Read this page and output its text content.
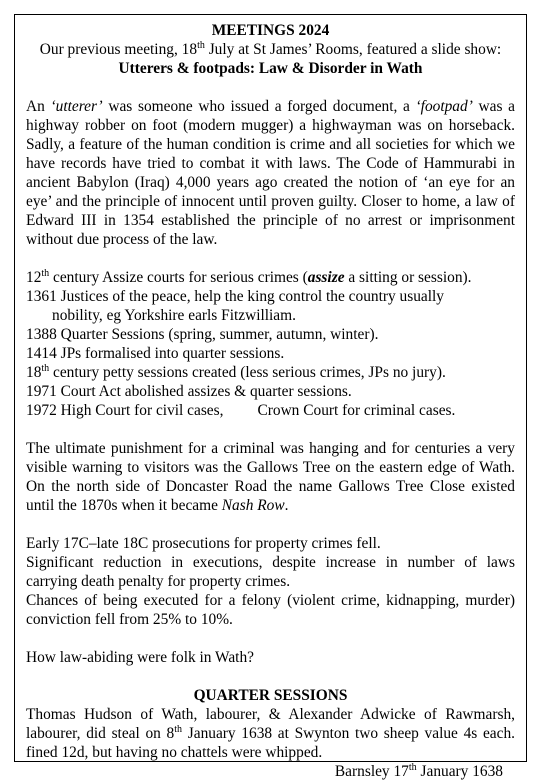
MEETINGS 2024

Our previous meeting, 18th July at St James’ Rooms, featured a slide show:

Utterers & footpads: Law & Disorder in Wath

An ‘utterer’ was someone who issued a forged document, a ‘footpad’ was a highway robber on foot (modern mugger) a highwayman was on horseback. Sadly, a feature of the human condition is crime and all societies for which we have records have tried to combat it with laws. The Code of Hammurabi in ancient Babylon (Iraq) 4,000 years ago created the notion of ‘an eye for an eye’ and the principle of innocent until proven guilty. Closer to home, a law of Edward III in 1354 established the principle of no arrest or imprisonment without due process of the law.

12th century Assize courts for serious crimes (assize a sitting or session).

1361 Justices of the peace, help the king control the country usually

nobility, eg Yorkshire earls Fitzwilliam.

1388 Quarter Sessions (spring, summer, autumn, winter).

1414 JPs formalised into quarter sessions.

18th century petty sessions created (less serious crimes, JPs no jury).

1971 Court Act abolished assizes & quarter sessions.

1972 High Court for civil cases, Crown Court for criminal cases.

The ultimate punishment for a criminal was hanging and for centuries a very visible warning to visitors was the Gallows Tree on the eastern edge of Wath. On the north side of Doncaster Road the name Gallows Tree Close existed until the 1870s when it became Nash Row.

Early 17C–late 18C prosecutions for property crimes fell.

Significant reduction in executions, despite increase in number of laws carrying death penalty for property crimes.

Chances of being executed for a felony (violent crime, kidnapping, murder) conviction fell from 25% to 10%.

How law-abiding were folk in Wath?

QUARTER SESSIONS

Thomas Hudson of Wath, labourer, & Alexander Adwicke of Rawmarsh, labourer, did steal on 8th January 1638 at Swynton two sheep value 4s each. fined 12d, but having no chattels were whipped.

Barnsley 17th January 1638
